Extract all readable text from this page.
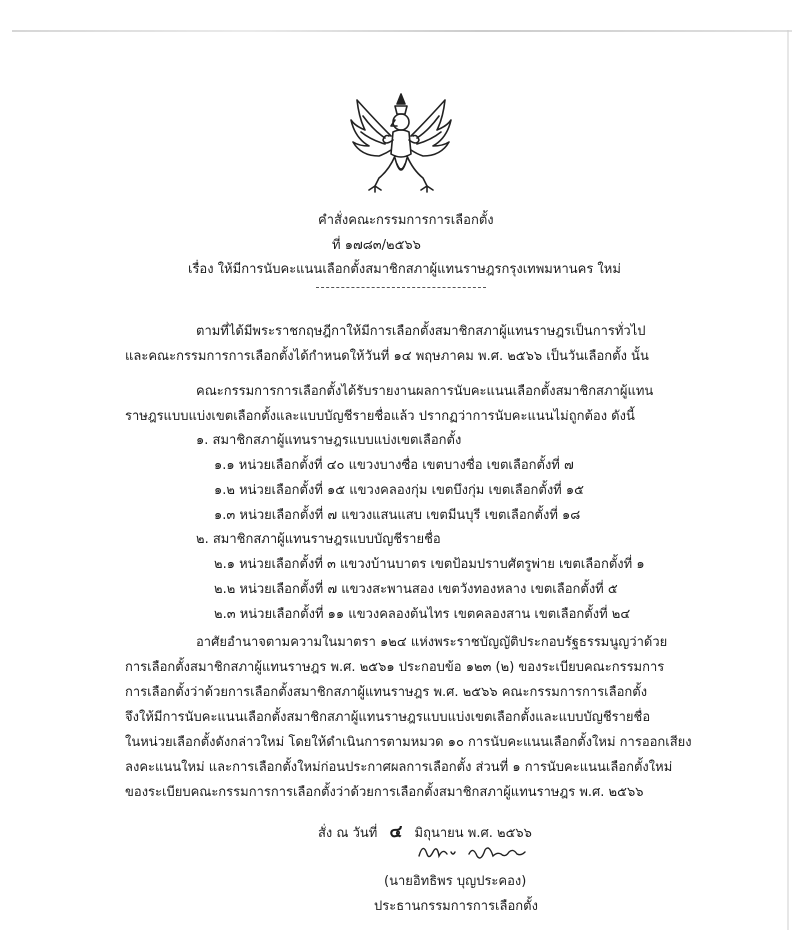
คำสั่งคณะกรรมการการเลือกตั้ง
ที่ ๑๗๘๓/๒๕๖๖
เรื่อง ให้มีการนับคะแนนเลือกตั้งสมาชิกสภาผู้แทนราษฎรกรุงเทพมหานคร ใหม่
ตามที่ได้มีพระราชกฤษฎีกาให้มีการเลือกตั้งสมาชิกสภาผู้แทนราษฎรเป็นการทั่วไป
และคณะกรรมการการเลือกตั้งได้กำหนดให้วันที่ ๑๔ พฤษภาคม พ.ศ. ๒๕๖๖ เป็นวันเลือกตั้ง นั้น
คณะกรรมการการเลือกตั้งได้รับรายงานผลการนับคะแนนเลือกตั้งสมาชิกสภาผู้แทน
ราษฎรแบบแบ่งเขตเลือกตั้งและแบบบัญชีรายชื่อแล้ว ปรากฏว่าการนับคะแนนไม่ถูกต้อง ดังนี้
๑. สมาชิกสภาผู้แทนราษฎรแบบแบ่งเขตเลือกตั้ง
๑.๑ หน่วยเลือกตั้งที่ ๔๐ แขวงบางซื่อ เขตบางซื่อ เขตเลือกตั้งที่ ๗
๑.๒ หน่วยเลือกตั้งที่ ๑๕ แขวงคลองกุ่ม เขตบึงกุ่ม เขตเลือกตั้งที่ ๑๕
๑.๓ หน่วยเลือกตั้งที่ ๗ แขวงแสนแสบ เขตมีนบุรี เขตเลือกตั้งที่ ๑๘
๒. สมาชิกสภาผู้แทนราษฎรแบบบัญชีรายชื่อ
๒.๑ หน่วยเลือกตั้งที่ ๓ แขวงบ้านบาตร เขตป้อมปราบศัตรูพ่าย เขตเลือกตั้งที่ ๑
๒.๒ หน่วยเลือกตั้งที่ ๗ แขวงสะพานสอง เขตวังทองหลาง เขตเลือกตั้งที่ ๕
๒.๓ หน่วยเลือกตั้งที่ ๑๑ แขวงคลองต้นไทร เขตคลองสาน เขตเลือกตั้งที่ ๒๔
อาศัยอำนาจตามความในมาตรา ๑๒๔ แห่งพระราชบัญญัติประกอบรัฐธรรมนูญว่าด้วย
การเลือกตั้งสมาชิกสภาผู้แทนราษฎร พ.ศ. ๒๕๖๑ ประกอบข้อ ๑๒๓ (๒) ของระเบียบคณะกรรมการ
การเลือกตั้งว่าด้วยการเลือกตั้งสมาชิกสภาผู้แทนราษฎร พ.ศ. ๒๕๖๖ คณะกรรมการการเลือกตั้ง
จึงให้มีการนับคะแนนเลือกตั้งสมาชิกสภาผู้แทนราษฎรแบบแบ่งเขตเลือกตั้งและแบบบัญชีรายชื่อ
ในหน่วยเลือกตั้งดังกล่าวใหม่ โดยให้ดำเนินการตามหมวด ๑๐ การนับคะแนนเลือกตั้งใหม่ การออกเสียง
ลงคะแนนใหม่ และการเลือกตั้งใหม่ก่อนประกาศผลการเลือกตั้ง ส่วนที่ ๑ การนับคะแนนเลือกตั้งใหม่
ของระเบียบคณะกรรมการการเลือกตั้งว่าด้วยการเลือกตั้งสมาชิกสภาผู้แทนราษฎร พ.ศ. ๒๕๖๖
สั่ง ณ วันที่ ๔ มิถุนายน พ.ศ. ๒๕๖๖
(นายอิทธิพร บุญประคอง)
ประธานกรรมการการเลือกตั้ง
